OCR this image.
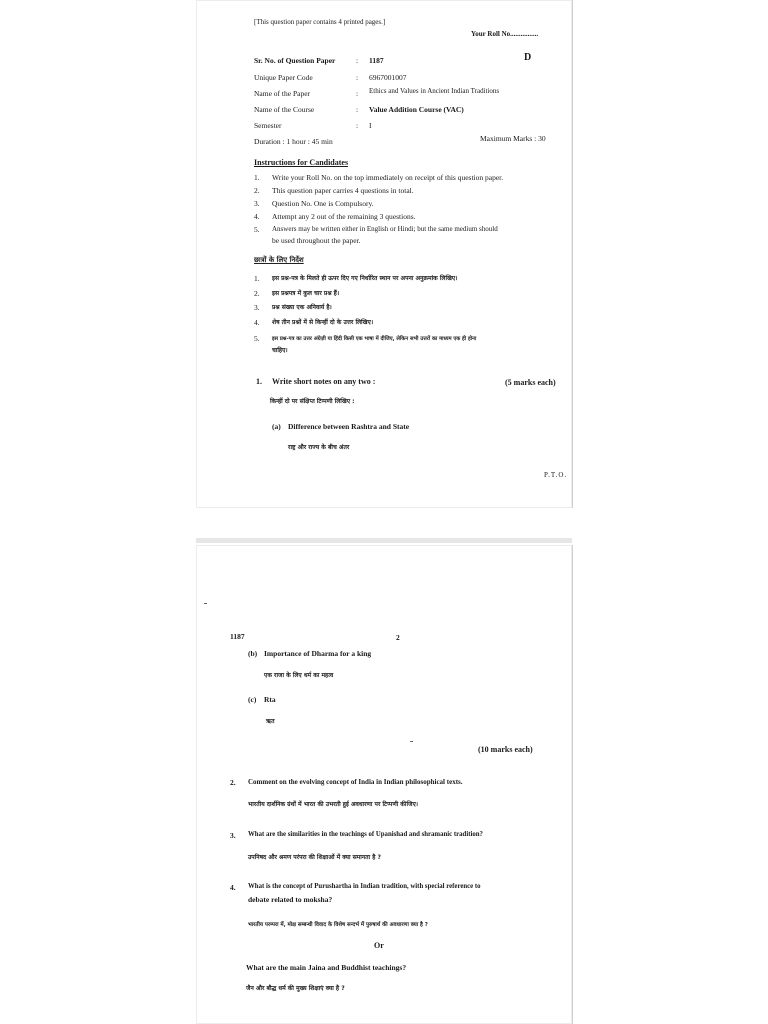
[This question paper contains 4 printed pages.]
Your Roll No................
D
Sr. No. of Question Paper	: 1187
Unique Paper Code	: 6967001007
Name of the Paper	: Ethics and Values in Ancient Indian Traditions
Name of the Course	: Value Addition Course (VAC)
Semester	: I
Duration : 1 hour : 45 min	Maximum Marks : 30
Instructions for Candidates
1. Write your Roll No. on the top immediately on receipt of this question paper.
2. This question paper carries 4 questions in total.
3. Question No. One is Compulsory.
4. Attempt any 2 out of the remaining 3 questions.
5. Answers may be written either in English or Hindi; but the same medium should
be used throughout the paper.
छात्रों के लिए निर्देश
1. इस प्रश्न-पत्र के मिलते ही ऊपर दिए गए निर्धारित स्थान पर अपना अनुक्रमांक लिखिए।
2. इस प्रश्नपत्र में कुल चार प्रश्न हैं।
3. प्रश्न संख्या एक अनिवार्य है।
4. शेष तीन प्रश्नों में से किन्हीं दो के उत्तर लिखिए।
5. इस प्रश्न-पत्र का उत्तर अंग्रेज़ी या हिंदी किसी एक भाषा में दीजिए, लेकिन सभी उत्तरों का माध्यम एक ही होना
चाहिए।
1. Write short notes on any two :	(5 marks each)
किन्हीं दो पर संक्षिप्त टिप्पणी लिखिए :
(a) Difference between Rashtra and State
राष्ट्र और राज्य के बीच अंतर
P.T.O.
1187	2
(b) Importance of Dharma for a king
एक राजा के लिए धर्म का महत्व
(c) Rta
ऋत
(10 marks each)
2. Comment on the evolving concept of India in Indian philosophical texts.
भारतीय दार्शनिक ग्रंथों में भारत की उभरती हुई अवधारणा पर टिप्पणी कीजिए।
3. What are the similarities in the teachings of Upanishad and shramanic tradition?
उपनिषद और श्रमण परंपरा की शिक्षाओं में क्या समानता है ?
4. What is the concept of Purushartha in Indian tradition, with special reference to
debate related to moksha?
भारतीय परम्परा में, मोक्ष सम्बन्धी विवाद के विशेष सन्दर्भ में पुरुषार्थ की अवधारणा क्या है ?
Or
What are the main Jaina and Buddhist teachings?
जैन और बौद्ध धर्म की मुख्य शिक्षाएं क्या है ?
